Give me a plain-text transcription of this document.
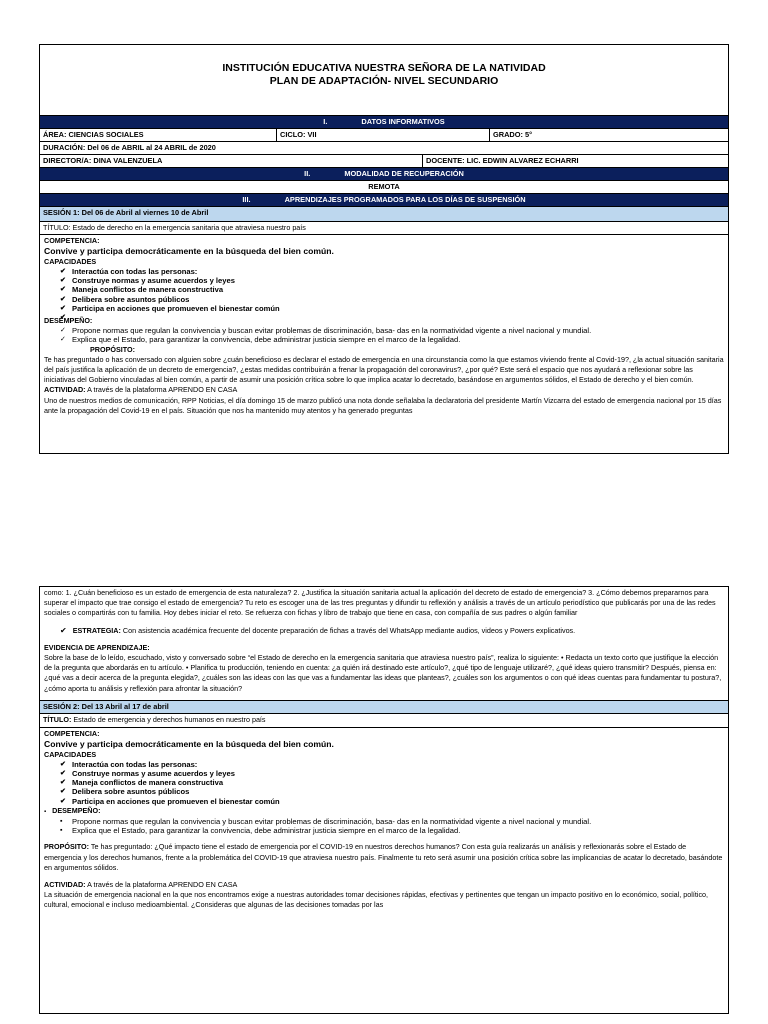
INSTITUCIÓN EDUCATIVA NUESTRA SEÑORA DE LA NATIVIDAD
PLAN DE ADAPTACIÓN- NIVEL SECUNDARIO
I.	DATOS INFORMATIVOS
ÁREA: CIENCIAS SOCIALES	CICLO: VII	GRADO: 5°
DURACIÓN: Del 06 de ABRIL al 24 ABRIL de 2020
DIRECTOR/A: DINA VALENZUELA	DOCENTE: LIC. EDWIN ALVAREZ ECHARRI
II.	MODALIDAD DE RECUPERACIÓN
REMOTA
III.	APRENDIZAJES PROGRAMADOS PARA LOS DÍAS DE SUSPENSIÓN
SESIÓN 1: Del 06 de Abril al viernes 10 de Abril
TÍTULO: Estado de derecho en la emergencia sanitaria que atraviesa nuestro país

COMPETENCIA:

Convive y participa democráticamente en la búsqueda del bien común.

CAPACIDADES

✔ Interactúa con todas las personas:
✔ Construye normas y asume acuerdos y leyes
✔ Maneja conflictos de manera constructiva
✔ Delibera sobre asuntos públicos
✔ Participa en acciones que promueven el bienestar común

DESEMPEÑO:

✓ Propone normas que regulan la convivencia y buscan evitar problemas de discriminación, basa- das en la normatividad vigente a nivel nacional y mundial.
✓ Explica que el Estado, para garantizar la convivencia, debe administrar justicia siempre en el marco de la legalidad.

PROPÓSITO:

Te has preguntado o has conversado con alguien sobre ¿cuán beneficioso es declarar el estado de emergencia en una circunstancia como la que estamos viviendo frente al Covid-19?, ¿la actual situación sanitaria del país justifica la aplicación de un decreto de emergencia?, ¿estas medidas contribuirán a frenar la propagación del coronavirus?, ¿por qué? Este será el espacio que nos ayudará a reflexionar sobre las iniciativas del Gobierno vinculadas al bien común, a partir de asumir una posición crítica sobre lo que implica acatar lo decretado, basándose en argumentos sólidos, el Estado de derecho y el bien común.

ACTIVIDAD: A través de la plataforma APRENDO EN CASA

Uno de nuestros medios de comunicación, RPP Noticias, el día domingo 15 de marzo publicó una nota donde señalaba la declaratoria del presidente Martín Vizcarra del estado de emergencia nacional por 15 días ante la propagación del Covid-19 en el país. Situación que nos ha mantenido muy atentos y ha generado preguntas

como: 1. ¿Cuán beneficioso es un estado de emergencia de esta naturaleza? 2. ¿Justifica la situación sanitaria actual la aplicación del decreto de estado de emergencia? 3. ¿Cómo debemos prepararnos para superar el impacto que trae consigo el estado de emergencia? Tu reto es escoger una de las tres preguntas y difundir tu reflexión y análisis a través de un artículo periodístico que publicarás por una de las redes sociales o compartirás con tu familia. Hoy debes iniciar el reto. Se refuerza con fichas y libro de trabajo que tiene en casa, con compañía de sus padres o algún familiar

✔ ESTRATEGIA: Con asistencia académica frecuente del docente preparación de fichas a través del WhatsApp mediante audios, videos y Powers explicativos.

EVIDENCIA DE APRENDIZAJE:

Sobre la base de lo leído, escuchado, visto y conversado sobre “el Estado de derecho en la emergencia sanitaria que atraviesa nuestro país”, realiza lo siguiente: • Redacta un texto corto que justifique la elección de la pregunta que abordarás en tu artículo. • Planifica tu producción, teniendo en cuenta: ¿a quién irá destinado este artículo?, ¿qué tipo de lenguaje utilizaré?, ¿qué ideas quiero transmitir? Después, piensa en: ¿qué vas a decir acerca de la pregunta elegida?, ¿cuáles son las ideas con las que vas a fundamentar las ideas que planteas?, ¿cuáles son los argumentos o con qué ideas cuentas para fundamentar tu postura?, ¿cómo aporta tu análisis y reflexión para afrontar la situación?

SESIÓN 2: Del 13 Abril al 17 de abril
TÍTULO: Estado de emergencia y derechos humanos en nuestro país

COMPETENCIA:

Convive y participa democráticamente en la búsqueda del bien común.

CAPACIDADES

✔ Interactúa con todas las personas:
✔ Construye normas y asume acuerdos y leyes
✔ Maneja conflictos de manera constructiva
✔ Delibera sobre asuntos públicos
✔ Participa en acciones que promueven el bienestar común

▪ DESEMPEÑO:

▪ Propone normas que regulan la convivencia y buscan evitar problemas de discriminación, basa- das en la normatividad vigente a nivel nacional y mundial.
▪ Explica que el Estado, para garantizar la convivencia, debe administrar justicia siempre en el marco de la legalidad.

PROPÓSITO: Te has preguntado: ¿Qué impacto tiene el estado de emergencia por el COVID-19 en nuestros derechos humanos? Con esta guía realizarás un análisis y reflexionarás sobre el Estado de emergencia y los derechos humanos, frente a la problemática del COVID-19 que atraviesa nuestro país. Finalmente tu reto será asumir una posición crítica sobre las implicancias de acatar lo decretado, basándote en argumentos sólidos.

ACTIVIDAD: A través de la plataforma APRENDO EN CASA

La situación de emergencia nacional en la que nos encontramos exige a nuestras autoridades tomar decisiones rápidas, efectivas y pertinentes que tengan un impacto positivo en lo económico, social, político, cultural, emocional e incluso medioambiental. ¿Consideras que algunas de las decisiones tomadas por las
